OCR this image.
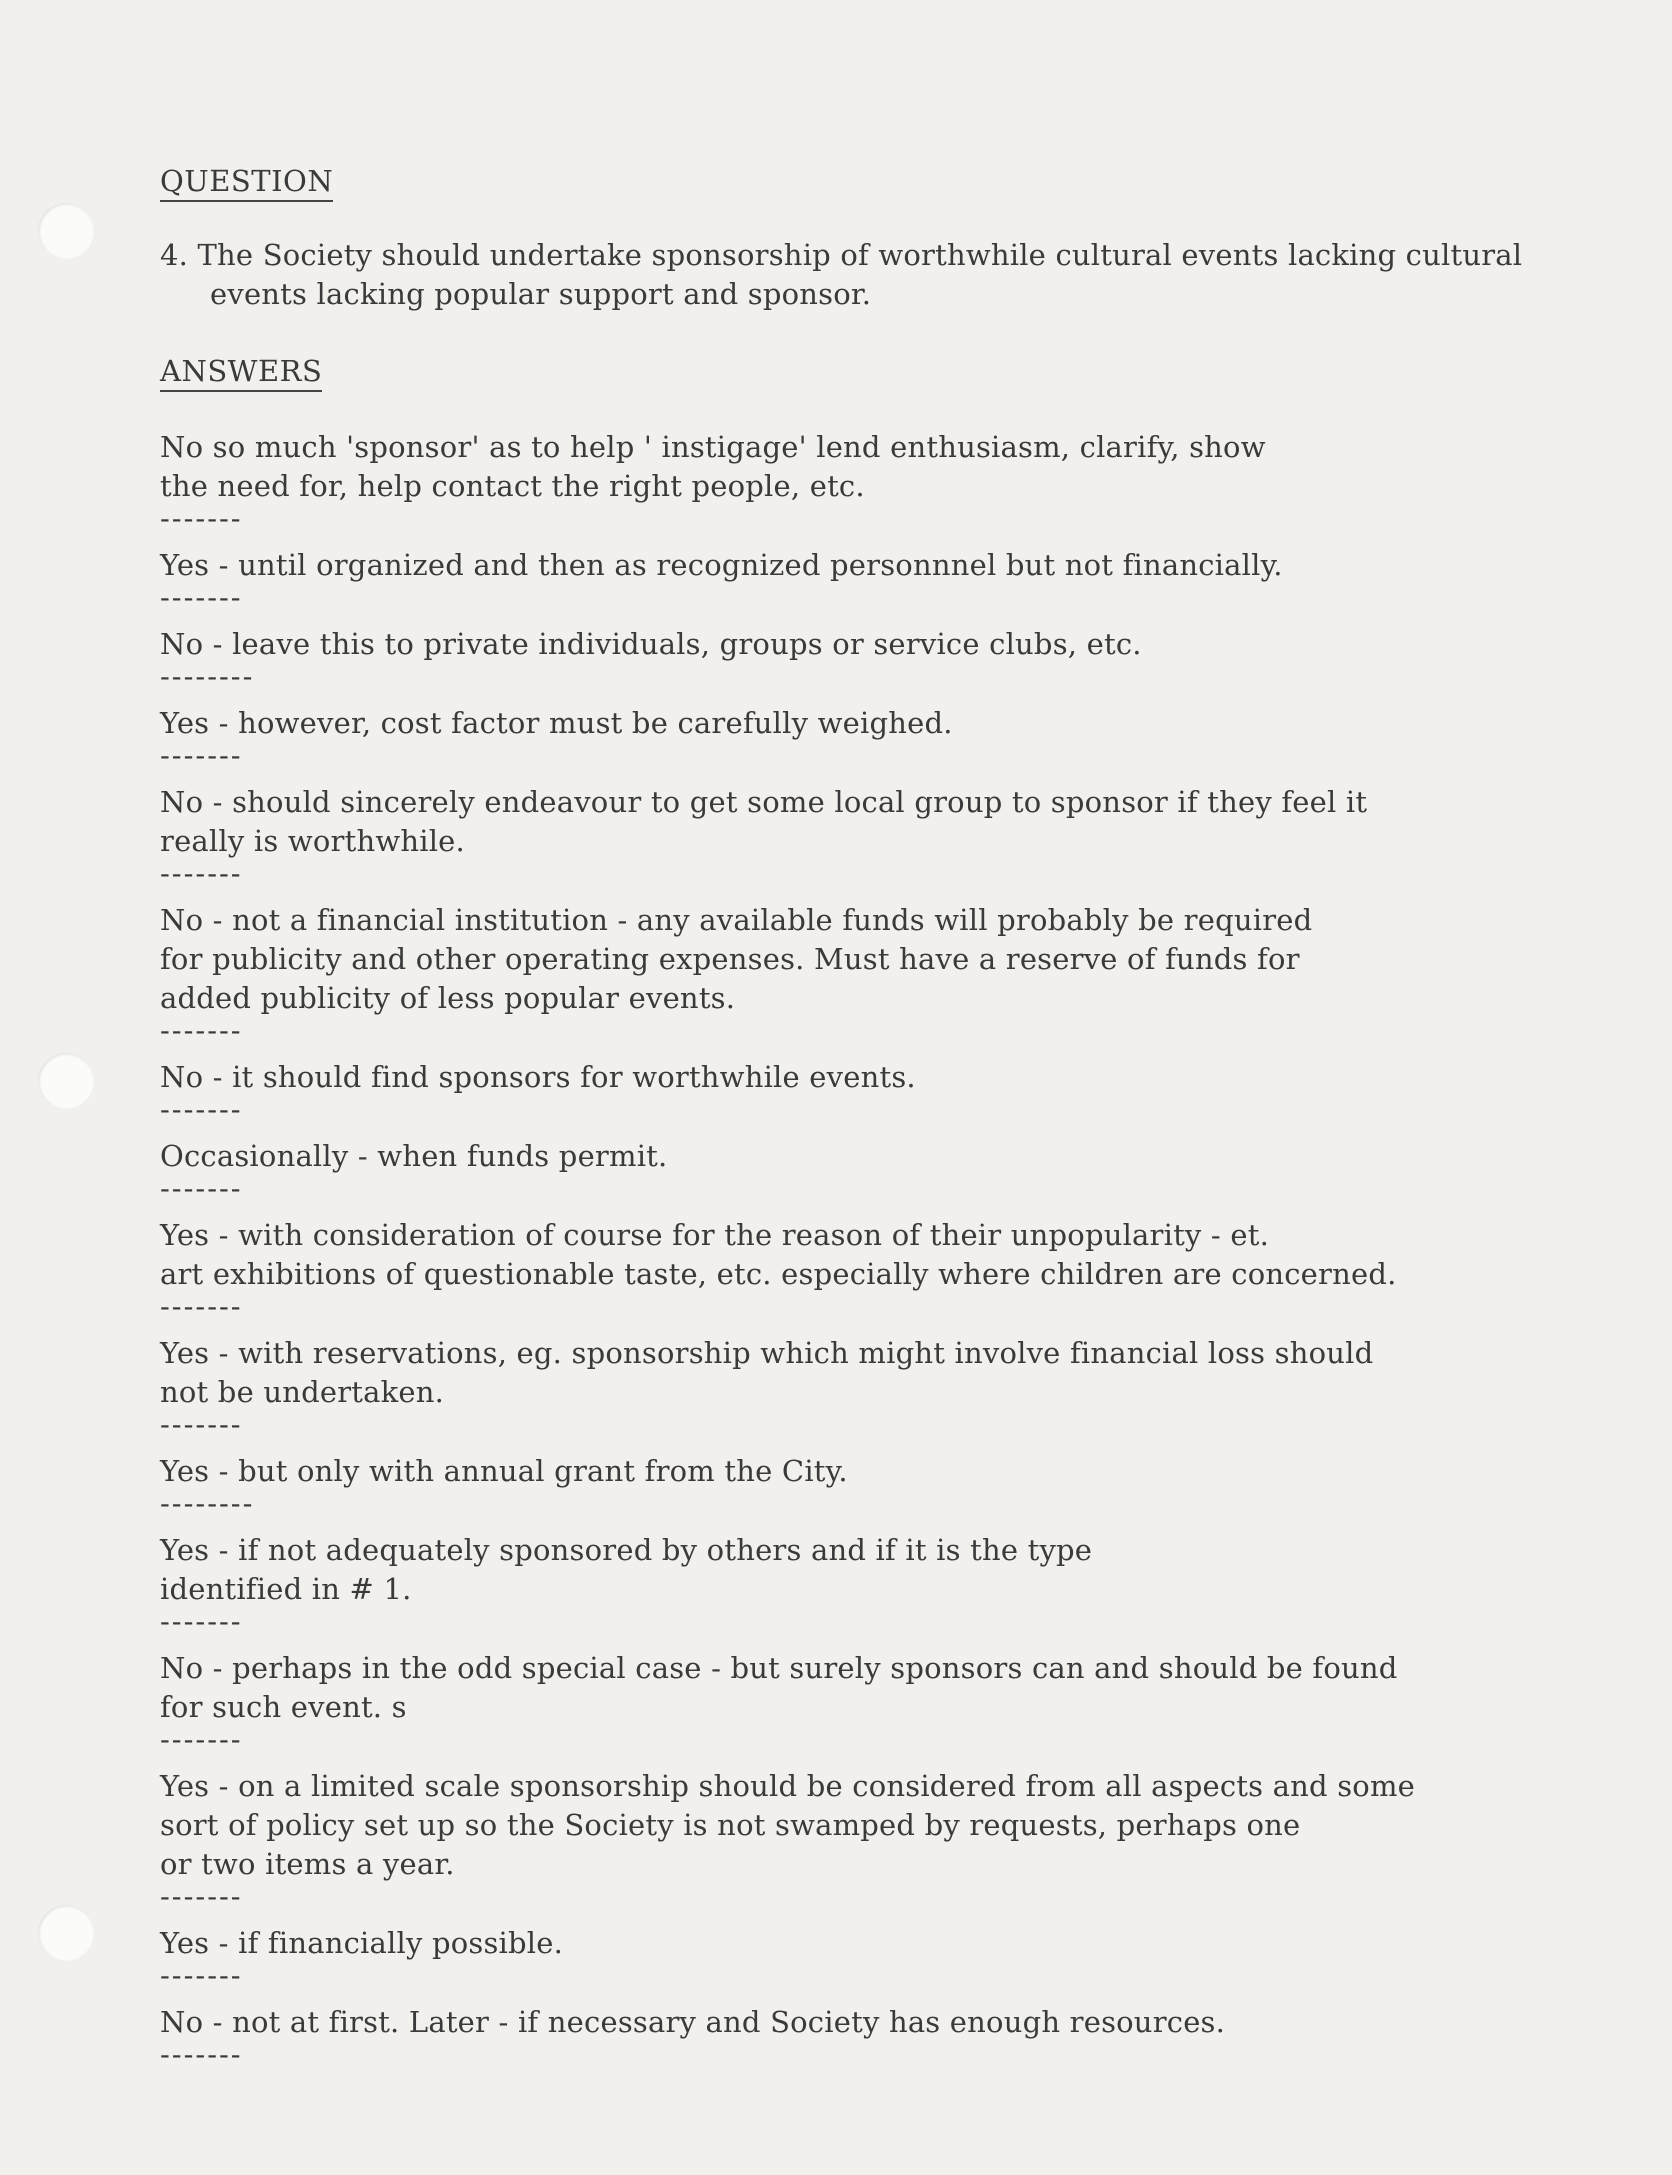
QUESTION
4. The Society should undertake sponsorship of worthwhile cultural events lacking cultural events lacking popular support and sponsor.
ANSWERS
No so much 'sponsor' as to help ' instigage' lend enthusiasm, clarify, show
the need for, help contact the right people, etc.
-------
Yes - until organized and then as recognized personnnel but not financially.
-------
No - leave this to private individuals, groups or service clubs, etc.
--------
Yes - however, cost factor must be carefully weighed.
-------
No - should sincerely endeavour to get some local group to sponsor if they feel it
really is worthwhile.
-------
No - not a financial institution - any available funds will probably be required
for publicity and other operating expenses. Must have a reserve of funds for
added publicity of less popular events.
-------
No - it should find sponsors for worthwhile events.
-------
Occasionally - when funds permit.
-------
Yes - with consideration of course for the reason of their unpopularity - et.
art exhibitions of questionable taste, etc. especially where children are concerned.
-------
Yes - with reservations, eg. sponsorship which might involve financial loss should
not be undertaken.
-------
Yes - but only with annual grant from the City.
--------
Yes - if not adequately sponsored by others and if it is the type
identified in # 1.
-------
No - perhaps in the odd special case - but surely sponsors can and should be found
for such event. s
-------
Yes - on a limited scale sponsorship should be considered from all aspects and some
sort of policy set up so the Society is not swamped by requests, perhaps one
or two items a year.
-------
Yes - if financially possible.
-------
No - not at first. Later - if necessary and Society has enough resources.
-------
